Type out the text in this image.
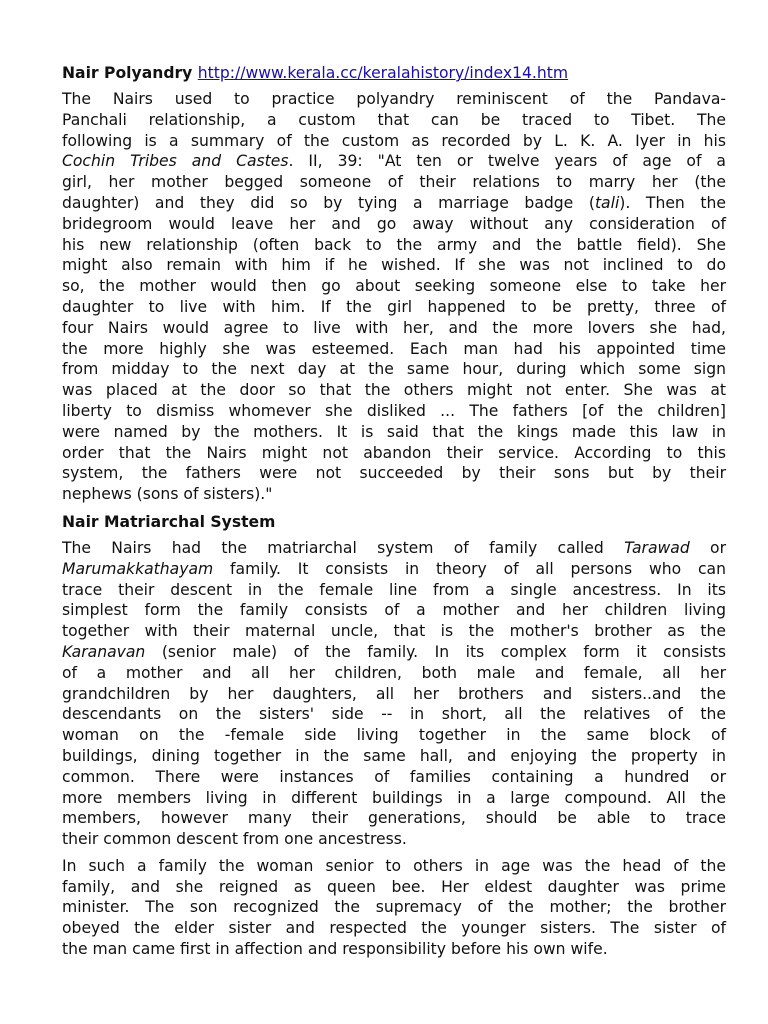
Nair Polyandry http://www.kerala.cc/keralahistory/index14.htm
The Nairs used to practice polyandry reminiscent of the Pandava-
Panchali relationship, a custom that can be traced to Tibet. The
following is a summary of the custom as recorded by L. K. A. Iyer in his
Cochin Tribes and Castes. II, 39: "At ten or twelve years of age of a
girl, her mother begged someone of their relations to marry her (the
daughter) and they did so by tying a marriage badge (tali). Then the
bridegroom would leave her and go away without any consideration of
his new relationship (often back to the army and the battle field). She
might also remain with him if he wished. If she was not inclined to do
so, the mother would then go about seeking someone else to take her
daughter to live with him. If the girl happened to be pretty, three of
four Nairs would agree to live with her, and the more lovers she had,
the more highly she was esteemed. Each man had his appointed time
from midday to the next day at the same hour, during which some sign
was placed at the door so that the others might not enter. She was at
liberty to dismiss whomever she disliked ... The fathers [of the children]
were named by the mothers. It is said that the kings made this law in
order that the Nairs might not abandon their service. According to this
system, the fathers were not succeeded by their sons but by their
nephews (sons of sisters)."
Nair Matriarchal System
The Nairs had the matriarchal system of family called Tarawad or
Marumakkathayam family. It consists in theory of all persons who can
trace their descent in the female line from a single ancestress. In its
simplest form the family consists of a mother and her children living
together with their maternal uncle, that is the mother's brother as the
Karanavan (senior male) of the family. In its complex form it consists
of a mother and all her children, both male and female, all her
grandchildren by her daughters, all her brothers and sisters..and the
descendants on the sisters' side -- in short, all the relatives of the
woman on the -female side living together in the same block of
buildings, dining together in the same hall, and enjoying the property in
common. There were instances of families containing a hundred or
more members living in different buildings in a large compound. All the
members, however many their generations, should be able to trace
their common descent from one ancestress.
In such a family the woman senior to others in age was the head of the
family, and she reigned as queen bee. Her eldest daughter was prime
minister. The son recognized the supremacy of the mother; the brother
obeyed the elder sister and respected the younger sisters. The sister of
the man came first in affection and responsibility before his own wife.
